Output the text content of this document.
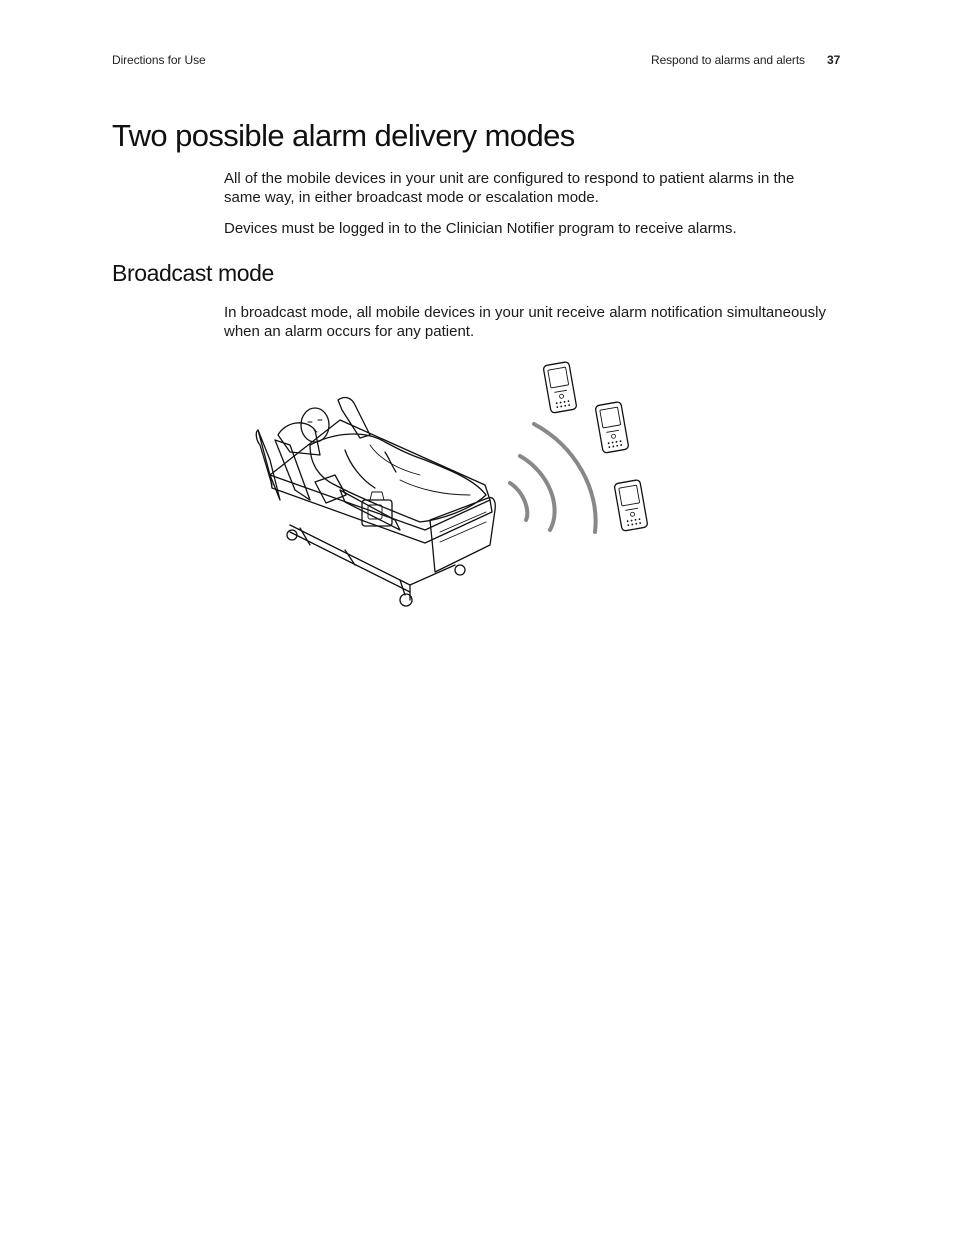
Directions for Use	Respond to alarms and alerts 37
Two possible alarm delivery modes

All of the mobile devices in your unit are configured to respond to patient alarms in the same way, in either broadcast mode or escalation mode.

Devices must be logged in to the Clinician Notifier program to receive alarms.

Broadcast mode

In broadcast mode, all mobile devices in your unit receive alarm notification simultaneously when an alarm occurs for any patient.
